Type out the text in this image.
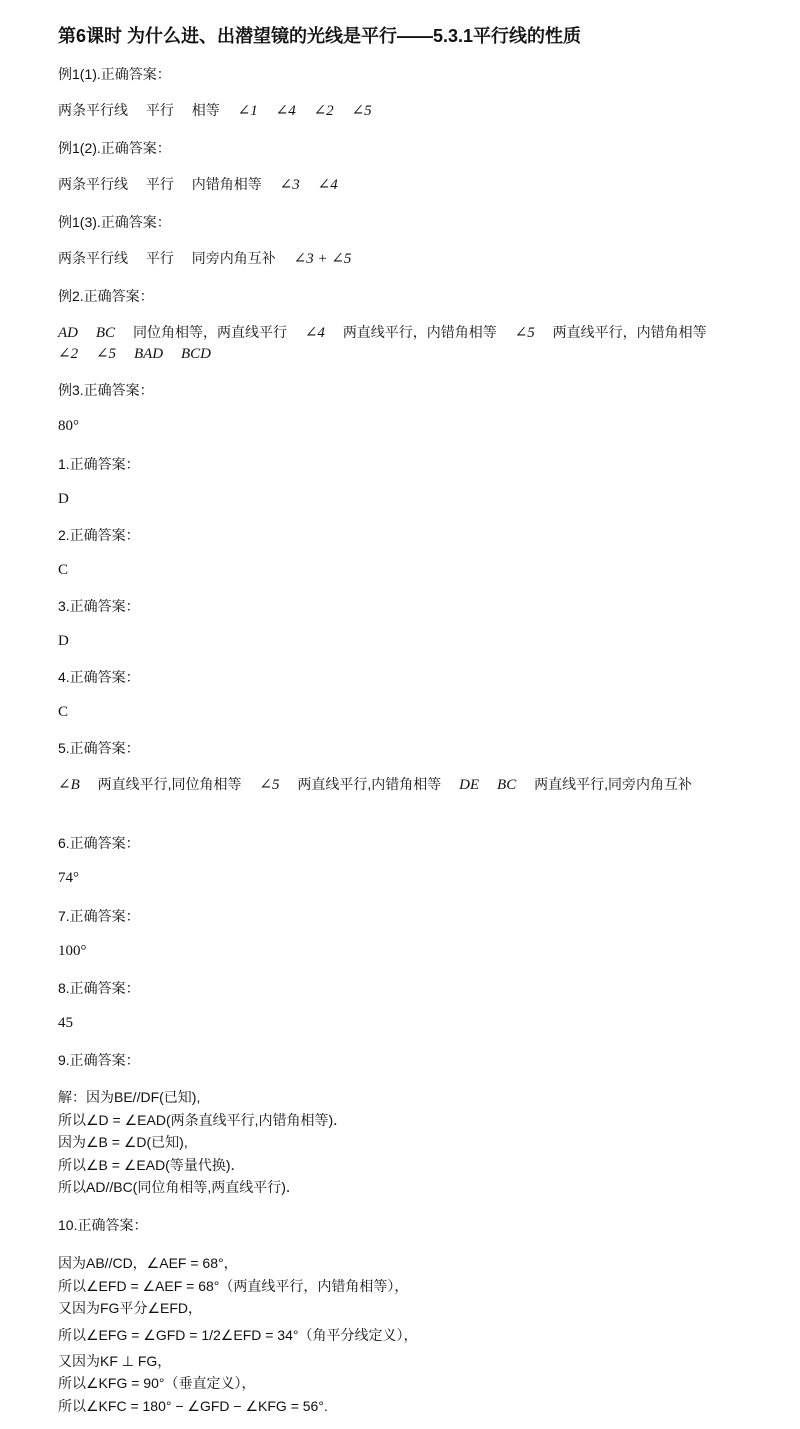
第6课时 为什么进、出潜望镜的光线是平行——5.3.1平行线的性质
例1(1).正确答案：
两条平行线 平行 相等 ∠1 ∠4 ∠2 ∠5
例1(2).正确答案：
两条平行线 平行 内错角相等 ∠3 ∠4
例1(3).正确答案：
两条平行线 平行 同旁内角互补 ∠3 + ∠5
例2.正确答案：
AD BC 同位角相等，两直线平行 ∠4 两直线平行，内错角相等 ∠5 两直线平行，内错角相等 ∠2 ∠5 BAD BCD
例3.正确答案：
80°
1.正确答案：
D
2.正确答案：
C
3.正确答案：
D
4.正确答案：
C
5.正确答案：
∠B 两直线平行,同位角相等 ∠5 两直线平行,内错角相等 DE BC 两直线平行,同旁内角互补
6.正确答案：
74°
7.正确答案：
100°
8.正确答案：
45
9.正确答案：
解：因为BE//DF(已知),
所以∠D = ∠EAD(两条直线平行,内错角相等)．
因为∠B = ∠D(已知),
所以∠B = ∠EAD(等量代换)．
所以AD//BC(同位角相等,两直线平行)．
10.正确答案：
因为AB//CD，∠AEF = 68°，
所以∠EFD = ∠AEF = 68°（两直线平行，内错角相等），
又因为FG平分∠EFD，
所以∠EFG = ∠GFD = 1/2∠EFD = 34°（角平分线定义），
又因为KF ⊥ FG，
所以∠KFG = 90°（垂直定义），
所以∠KFC = 180° − ∠GFD − ∠KFG = 56°.
